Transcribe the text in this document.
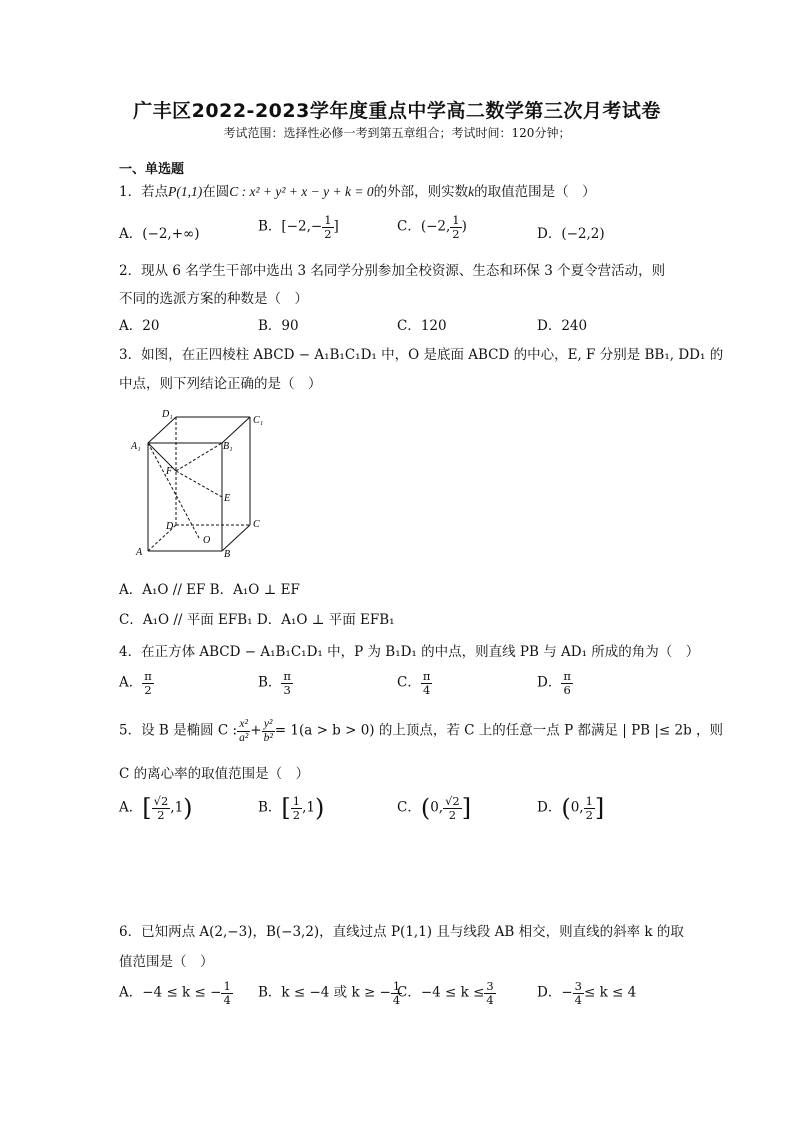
广丰区2022-2023学年度重点中学高二数学第三次月考试卷
考试范围：选择性必修一考到第五章组合；考试时间：120分钟；
一、单选题
1．若点P(1,1)在圆C : x² + y² + x − y + k = 0的外部，则实数k的取值范围是（　）
A．(−2,+∞)	B．[$-2,- \frac{1}{2}$ ]	C．(−2, $\frac{1}{2}$ )	D．(−2,2)
2．现从 6 名学生干部中选出 3 名同学分别参加全校资源、生态和环保 3 个夏令营活动，则
不同的选派方案的种数是（　）
A．20	B．90	C．120	D．240
3．如图，在正四棱柱 ABCD − A₁B₁C₁D₁ 中，O 是底面 ABCD 的中心，E, F 分别是 BB₁, DD₁ 的
中点，则下列结论正确的是（　）
D₁
C₁
A₁	B₁
F
E
D	C
A	B
O
A．A₁O // EF B．A₁O ⊥ EF
C．A₁O // 平面 EFB₁ D．A₁O ⊥ 平面 EFB₁
4．在正方体 ABCD − A₁B₁C₁D₁ 中，P 为 B₁D₁ 的中点，则直线 PB 与 AD₁ 所成的角为（　）
A． $\frac{\pi}{2}$	B． $\frac{\pi}{3}$	C． $\frac{\pi}{4}$	D． $\frac{\pi}{6}$
5．设 B 是椭圆 C : $\frac{\text{x²}}{\text{a²}} + \frac{\text{y²}}{\text{b²}} = 1(a > b > 0)$ 的上顶点，若 C 上的任意一点 P 都满足 | PB |≤ 2b ，则
C 的离心率的取值范围是（　）
A．[ $\frac{√2}{2} ,1$)	B．[ $\frac{1}{2} ,1$)	C．(0, $\frac{√2}{2}$ ]	D．(0, $\frac{1}{2}$ ]
6．已知两点 A(2,−3)，B(−3,2)，直线过点 P(1,1) 且与线段 AB 相交，则直线的斜率 k 的取
值范围是（　）
A．−4 ≤ k ≤ − $\frac{1}{4}$ B．k ≤ −4 或 k ≥ − $\frac{1}{4}$
C．$-4 \le k \le \frac{3}{4}$	D．− $\frac{3}{4} \le k \le 4$
